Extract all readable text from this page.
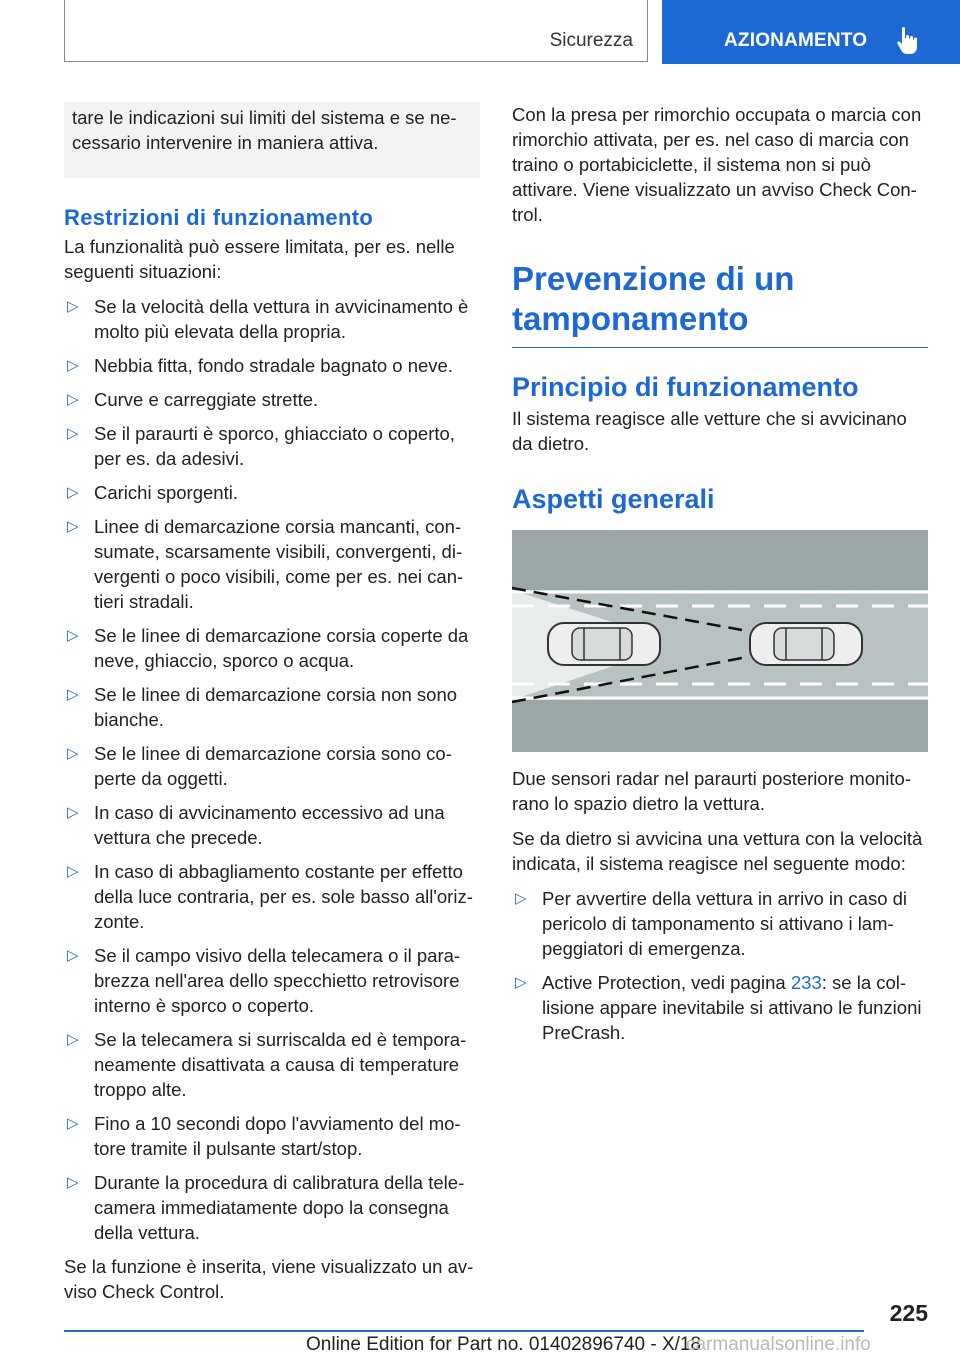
Sicurezza	AZIONAMENTO

tare le indicazioni sui limiti del sistema e se necessario intervenire in maniera attiva.

Restrizioni di funzionamento

La funzionalità può essere limitata, per es. nelle seguenti situazioni:

▷ Se la velocità della vettura in avvicinamento è molto più elevata della propria.
▷ Nebbia fitta, fondo stradale bagnato o neve.
▷ Curve e carreggiate strette.
▷ Se il paraurti è sporco, ghiacciato o coperto, per es. da adesivi.
▷ Carichi sporgenti.
▷ Linee di demarcazione corsia mancanti, consumate, scarsamente visibili, convergenti, divergenti o poco visibili, come per es. nei cantieri stradali.
▷ Se le linee di demarcazione corsia coperte da neve, ghiaccio, sporco o acqua.
▷ Se le linee di demarcazione corsia non sono bianche.
▷ Se le linee di demarcazione corsia sono coperte da oggetti.
▷ In caso di avvicinamento eccessivo ad una vettura che precede.
▷ In caso di abbagliamento costante per effetto della luce contraria, per es. sole basso all'orizzonte.
▷ Se il campo visivo della telecamera o il parabrezza nell'area dello specchietto retrovisore interno è sporco o coperto.
▷ Se la telecamera si surriscalda ed è temporaneamente disattivata a causa di temperature troppo alte.
▷ Fino a 10 secondi dopo l'avviamento del motore tramite il pulsante start/stop.
▷ Durante la procedura di calibratura della telecamera immediatamente dopo la consegna della vettura.

Se la funzione è inserita, viene visualizzato un avviso Check Control.

Con la presa per rimorchio occupata o marcia con rimorchio attivata, per es. nel caso di marcia con traino o portabiciclette, il sistema non si può attivare. Viene visualizzato un avviso Check Control.

Prevenzione di un tamponamento
Principio di funzionamento

Il sistema reagisce alle vetture che si avvicinano da dietro.

Aspetti generali

Due sensori radar nel paraurti posteriore monitorano lo spazio dietro la vettura.

Se da dietro si avvicina una vettura con la velocità indicata, il sistema reagisce nel seguente modo:

▷ Per avvertire della vettura in arrivo in caso di pericolo di tamponamento si attivano i lampeggiatori di emergenza.
▷ Active Protection, vedi pagina 233: se la collisione appare inevitabile si attivano le funzioni PreCrash.
225
Online Edition for Part no. 01402896740 - X/18
carmanualsonline.info
